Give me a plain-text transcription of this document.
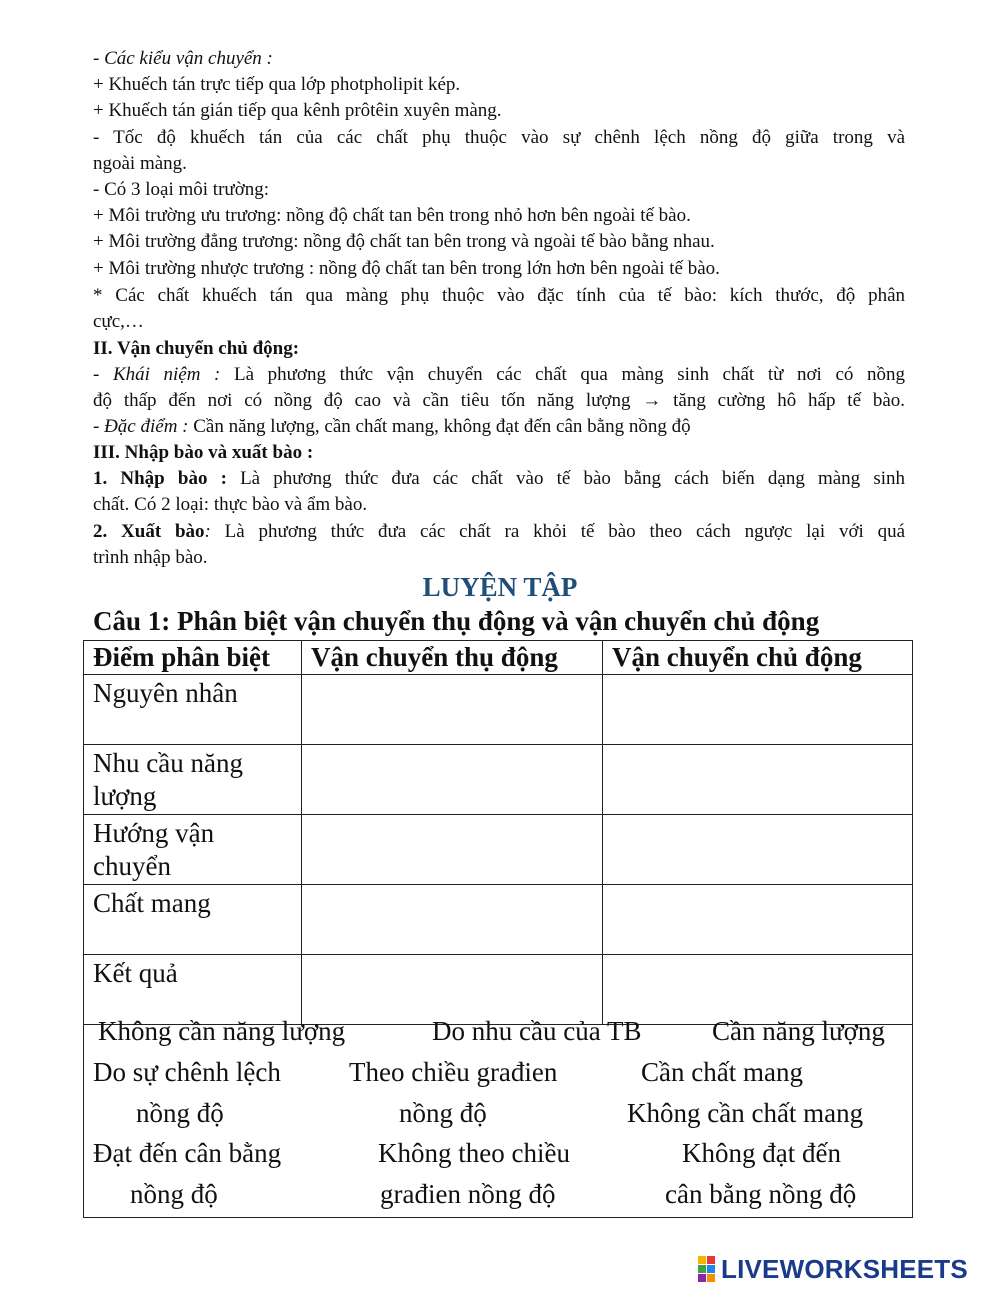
- Các kiểu vận chuyển :
+ Khuếch tán trực tiếp qua lớp photpholipit kép.
+ Khuếch tán gián tiếp qua kênh prôtêin xuyên màng.
- Tốc độ khuếch tán của các chất phụ thuộc vào sự chênh lệch nồng độ giữa trong và
ngoài màng.
- Có 3 loại môi trường:
+ Môi trường ưu trương: nồng độ chất tan bên trong nhỏ hơn bên ngoài tế bào.
+ Môi trường đẳng trương: nồng độ chất tan bên trong và ngoài tế bào bằng nhau.
+ Môi trường nhược trương : nồng độ chất tan bên trong lớn hơn bên ngoài tế bào.
* Các chất khuếch tán qua màng phụ thuộc vào đặc tính của tế bào: kích thước, độ phân
cực,…
II. Vận chuyển chủ động:
- Khái niệm : Là phương thức vận chuyển các chất qua màng sinh chất từ nơi có nồng
độ thấp đến nơi có nồng độ cao và cần tiêu tốn năng lượng → tăng cường hô hấp tế bào.
- Đặc điểm : Cần năng lượng, cần chất mang, không đạt đến cân bằng nồng độ
III. Nhập bào và xuất bào :
1. Nhập bào : Là phương thức đưa các chất vào tế bào bằng cách biến dạng màng sinh
chất. Có 2 loại: thực bào và ẩm bào.
2. Xuất bào: Là phương thức đưa các chất ra khỏi tế bào theo cách ngược lại với quá
trình nhập bào.
LUYỆN TẬP
Câu 1: Phân biệt vận chuyển thụ động và vận chuyển chủ động
Điểm phân biệt	Vận chuyển thụ động	Vận chuyển chủ động
Nguyên nhân		
Nhu cầu năng lượng		
Hướng vận chuyển		
Chất mang		
Kết quả		
Không cần năng lượng	Do nhu cầu của TB	Cần năng lượng
Do sự chênh lệch	Theo chiều građien	Cần chất mang
nồng độ	nồng độ	Không cần chất mang
Đạt đến cân bằng	Không theo chiều	Không đạt đến
nồng độ	građien nồng độ	cân bằng nồng độ
LIVEWORKSHEETS
